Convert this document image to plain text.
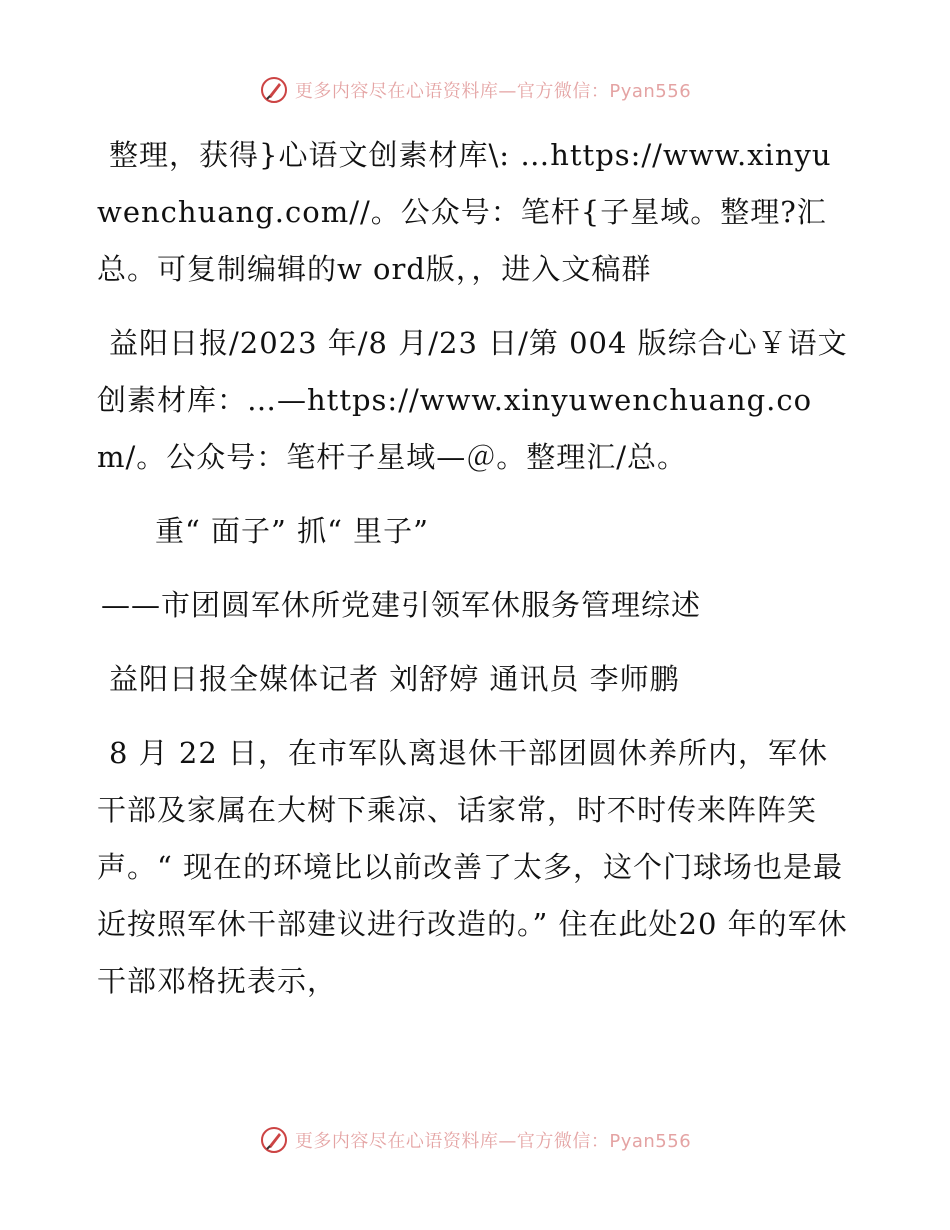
更多内容尽在心语资料库—官方微信：Pyan556

整理，获得}心语文创素材库\: …https://www.xinyuwenchuang.com//。公众号：笔杆{子星域。整理?汇总。可复制编辑的w ord版，，进入文稿群

益阳日报/2023 年/8 月/23 日/第 004 版综合心￥语文创素材库：…—https://www.xinyuwenchuang.com/。公众号：笔杆子星域—＠。整理汇/总。

重“ 面子” 抓“ 里子”

——市团圆军休所党建引领军休服务管理综述

益阳日报全媒体记者 刘舒婷 通讯员 李师鹏

8 月 22 日，在市军队离退休干部团圆休养所内，军休干部及家属在大树下乘凉、话家常，时不时传来阵阵笑声。“ 现在的环境比以前改善了太多，这个门球场也是最近按照军休干部建议进行改造的。” 住在此处20 年的军休干部邓格抚表示，

更多内容尽在心语资料库—官方微信：Pyan556
